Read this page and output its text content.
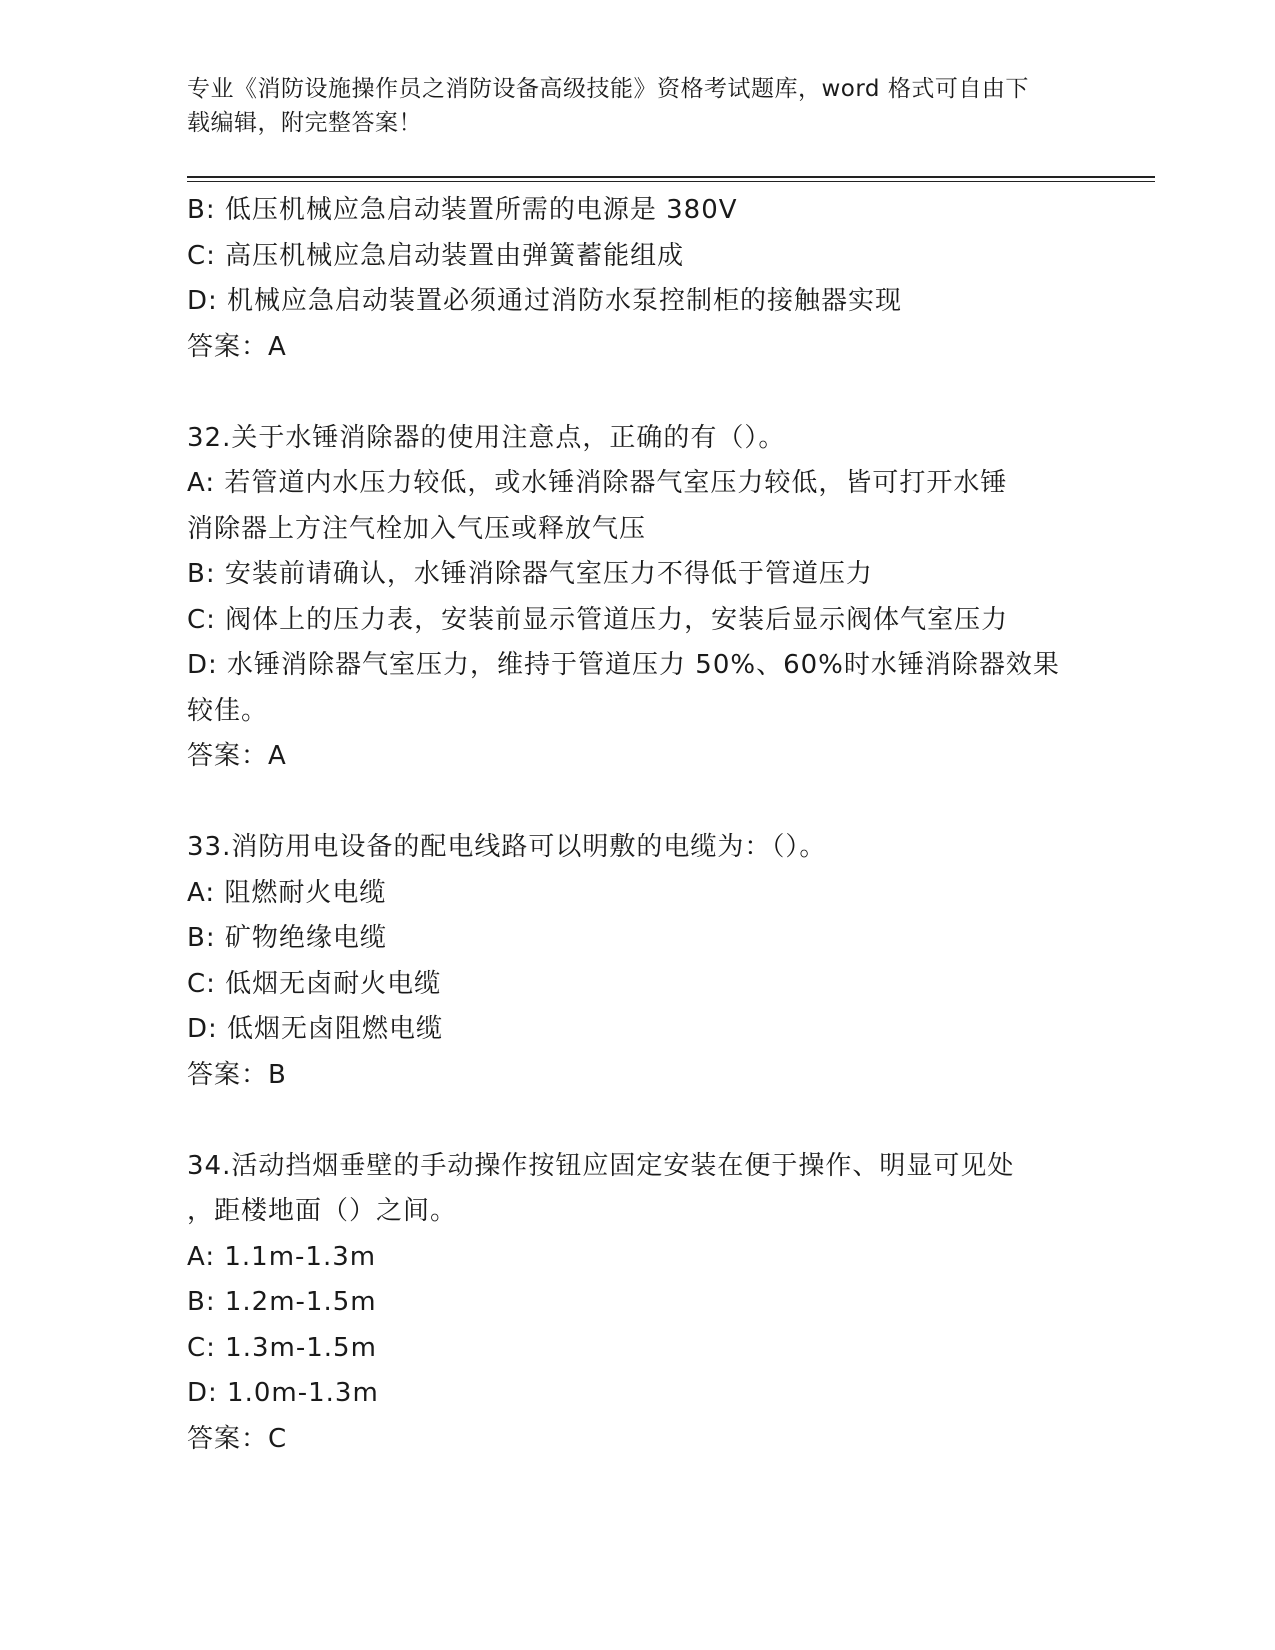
专业《消防设施操作员之消防设备高级技能》资格考试题库，word 格式可自由下
载编辑，附完整答案！
B: 低压机械应急启动装置所需的电源是 380V
C: 高压机械应急启动装置由弹簧蓄能组成
D: 机械应急启动装置必须通过消防水泵控制柜的接触器实现
答案：A
32.关于水锤消除器的使用注意点，正确的有（）。
A: 若管道内水压力较低，或水锤消除器气室压力较低，皆可打开水锤
消除器上方注气栓加入气压或释放气压
B: 安装前请确认，水锤消除器气室压力不得低于管道压力
C: 阀体上的压力表，安装前显示管道压力，安装后显示阀体气室压力
D: 水锤消除器气室压力，维持于管道压力 50%、60%时水锤消除器效果
较佳。
答案：A
33.消防用电设备的配电线路可以明敷的电缆为：（）。
A: 阻燃耐火电缆
B: 矿物绝缘电缆
C: 低烟无卤耐火电缆
D: 低烟无卤阻燃电缆
答案：B
34.活动挡烟垂壁的手动操作按钮应固定安装在便于操作、明显可见处
，距楼地面（）之间。
A: 1.1m-1.3m
B: 1.2m-1.5m
C: 1.3m-1.5m
D: 1.0m-1.3m
答案：C
